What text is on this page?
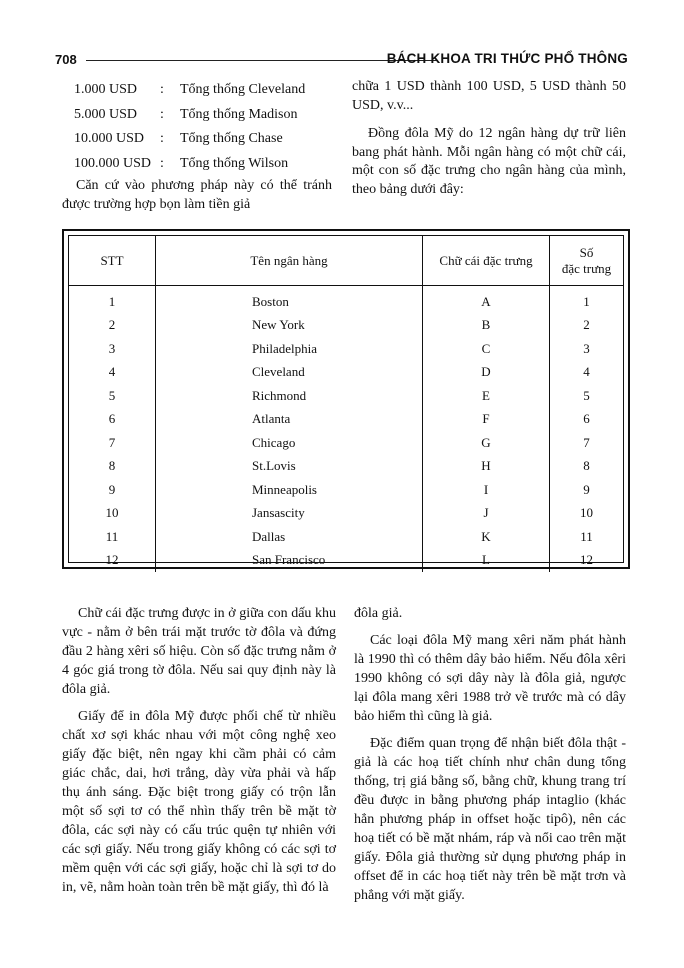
708	BÁCH KHOA TRI THỨC PHỔ THÔNG
1.000 USD : Tổng thống Cleveland
5.000 USD : Tổng thống Madison
10.000 USD : Tổng thống Chase
100.000 USD : Tổng thống Wilson
Căn cứ vào phương pháp này có thể tránh được trường hợp bọn làm tiền giả

chữa 1 USD thành 100 USD, 5 USD thành 50 USD, v.v...

Đồng đôla Mỹ do 12 ngân hàng dự trữ liên bang phát hành. Mỗi ngân hàng có một chữ cái, một con số đặc trưng cho ngân hàng của mình, theo bảng dưới đây:

STT	Tên ngân hàng	Chữ cái đặc trưng	Số
đặc trưng

1	Boston	A	1
2	New York	B	2
3	Philadelphia	C	3
4	Cleveland	D	4
5	Richmond	E	5
6	Atlanta	F	6
7	Chicago	G	7
8	St.Lovis	H	8
9	Minneapolis	I	9
10	Jansascity	J	10
11	Dallas	K	11
12	San Francisco	L	12

Chữ cái đặc trưng được in ở giữa con dấu khu vực - nằm ở bên trái mặt trước tờ đôla và đứng đầu 2 hàng xêri số hiệu. Còn số đặc trưng nằm ở 4 góc giá trong tờ đôla. Nếu sai quy định này là đôla giả.

Giấy để in đôla Mỹ được phối chế từ nhiều chất xơ sợi khác nhau với một công nghệ xeo giấy đặc biệt, nên ngay khi cầm phải có cảm giác chắc, dai, hơi trắng, dày vừa phải và hấp thụ ánh sáng. Đặc biệt trong giấy có trộn lẫn một số sợi tơ có thể nhìn thấy trên bề mặt tờ đôla, các sợi này có cấu trúc quện tự nhiên với các sợi giấy. Nếu trong giấy không có các sợi tơ mềm quện với các sợi giấy, hoặc chỉ là sợi tơ do in, vẽ, nằm hoàn toàn trên bề mặt giấy, thì đó là

đôla giả.

Các loại đôla Mỹ mang xêri năm phát hành là 1990 thì có thêm dây bảo hiểm. Nếu đôla xêri 1990 không có sợi dây này là đôla giả, ngược lại đôla mang xêri 1988 trở về trước mà có dây bảo hiểm thì cũng là giả.

Đặc điểm quan trọng để nhận biết đôla thật - giả là các hoạ tiết chính như chân dung tổng thống, trị giá bằng số, bằng chữ, khung trang trí đều được in bằng phương pháp intaglio (khác hẳn phương pháp in offset hoặc tipô), nên các hoạ tiết có bề mặt nhám, ráp và nổi cao trên mặt giấy. Đôla giả thường sử dụng phương pháp in offset để in các hoạ tiết này trên bề mặt trơn và phẳng với mặt giấy.
